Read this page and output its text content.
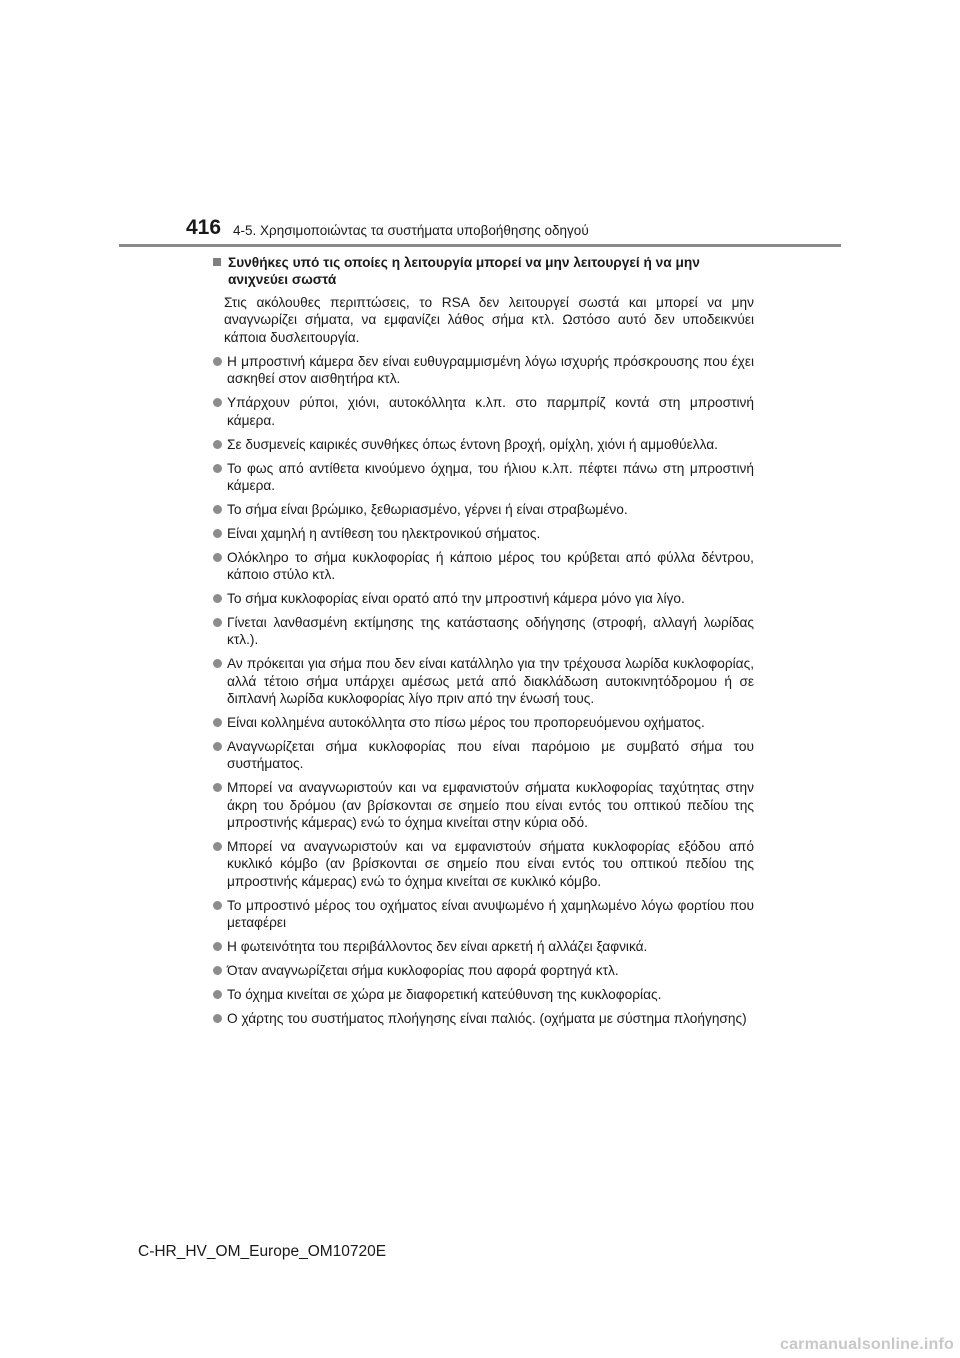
416 4-5. Χρησιμοποιώντας τα συστήματα υποβοήθησης οδηγού
Συνθήκες υπό τις οποίες η λειτουργία μπορεί να μην λειτουργεί ή να μην ανιχνεύει σωστά
Στις ακόλουθες περιπτώσεις, το RSA δεν λειτουργεί σωστά και μπορεί να μην αναγνωρίζει σήματα, να εμφανίζει λάθος σήμα κτλ. Ωστόσο αυτό δεν υποδεικνύει κάποια δυσλειτουργία.
Η μπροστινή κάμερα δεν είναι ευθυγραμμισμένη λόγω ισχυρής πρόσκρουσης που έχει ασκηθεί στον αισθητήρα κτλ.
Υπάρχουν ρύποι, χιόνι, αυτοκόλλητα κ.λπ. στο παρμπρίζ κοντά στη μπροστινή κάμερα.
Σε δυσμενείς καιρικές συνθήκες όπως έντονη βροχή, ομίχλη, χιόνι ή αμμοθύελλα.
Το φως από αντίθετα κινούμενο όχημα, του ήλιου κ.λπ. πέφτει πάνω στη μπροστινή κάμερα.
Το σήμα είναι βρώμικο, ξεθωριασμένο, γέρνει ή είναι στραβωμένο.
Είναι χαμηλή η αντίθεση του ηλεκτρονικού σήματος.
Ολόκληρο το σήμα κυκλοφορίας ή κάποιο μέρος του κρύβεται από φύλλα δέντρου, κάποιο στύλο κτλ.
Το σήμα κυκλοφορίας είναι ορατό από την μπροστινή κάμερα μόνο για λίγο.
Γίνεται λανθασμένη εκτίμησης της κατάστασης οδήγησης (στροφή, αλλαγή λωρίδας κτλ.).
Αν πρόκειται για σήμα που δεν είναι κατάλληλο για την τρέχουσα λωρίδα κυκλοφορίας, αλλά τέτοιο σήμα υπάρχει αμέσως μετά από διακλάδωση αυτοκινητόδρομου ή σε διπλανή λωρίδα κυκλοφορίας λίγο πριν από την ένωσή τους.
Είναι κολλημένα αυτοκόλλητα στο πίσω μέρος του προπορευόμενου οχήματος.
Αναγνωρίζεται σήμα κυκλοφορίας που είναι παρόμοιο με συμβατό σήμα του συστήματος.
Μπορεί να αναγνωριστούν και να εμφανιστούν σήματα κυκλοφορίας ταχύτητας στην άκρη του δρόμου (αν βρίσκονται σε σημείο που είναι εντός του οπτικού πεδίου της μπροστινής κάμερας) ενώ το όχημα κινείται στην κύρια οδό.
Μπορεί να αναγνωριστούν και να εμφανιστούν σήματα κυκλοφορίας εξόδου από κυκλικό κόμβο (αν βρίσκονται σε σημείο που είναι εντός του οπτικού πεδίου της μπροστινής κάμερας) ενώ το όχημα κινείται σε κυκλικό κόμβο.
Το μπροστινό μέρος του οχήματος είναι ανυψωμένο ή χαμηλωμένο λόγω φορτίου που μεταφέρει
Η φωτεινότητα του περιβάλλοντος δεν είναι αρκετή ή αλλάζει ξαφνικά.
Όταν αναγνωρίζεται σήμα κυκλοφορίας που αφορά φορτηγά κτλ.
Το όχημα κινείται σε χώρα με διαφορετική κατεύθυνση της κυκλοφορίας.
Ο χάρτης του συστήματος πλοήγησης είναι παλιός. (οχήματα με σύστημα πλοήγησης)
C-HR_HV_OM_Europe_OM10720E
carmanualsonline.info
